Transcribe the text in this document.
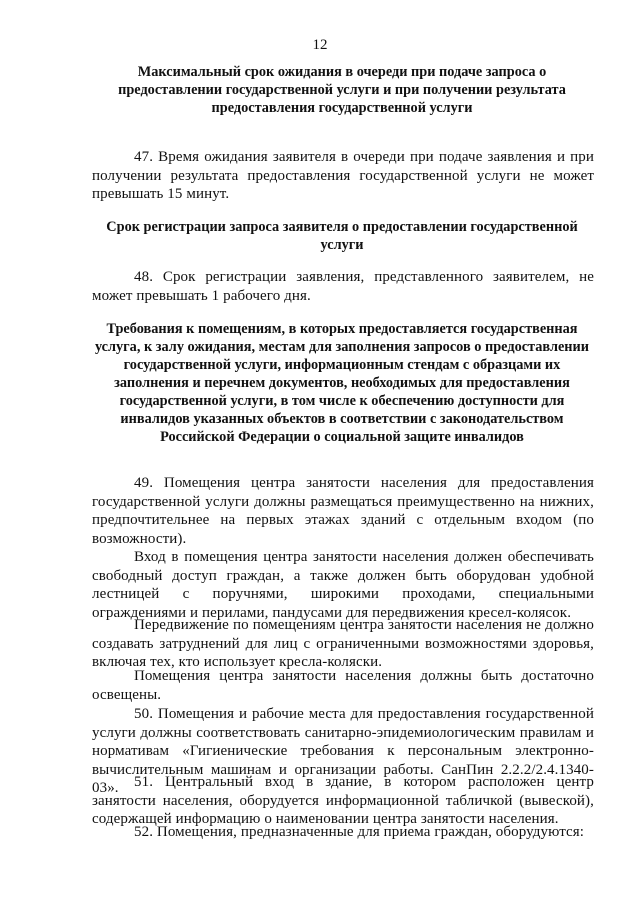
12
Максимальный срок ожидания в очереди при подаче запроса о предоставлении государственной услуги и при получении результата предоставления государственной услуги
47. Время ожидания заявителя в очереди при подаче заявления и при получении результата предоставления государственной услуги не может превышать 15 минут.
Срок регистрации запроса заявителя о предоставлении государственной услуги
48. Срок регистрации заявления, представленного заявителем, не может превышать 1 рабочего дня.
Требования к помещениям, в которых предоставляется государственная услуга, к залу ожидания, местам для заполнения запросов о предоставлении государственной услуги, информационным стендам с образцами их заполнения и перечнем документов, необходимых для предоставления государственной услуги, в том числе к обеспечению доступности для инвалидов указанных объектов в соответствии с законодательством Российской Федерации о социальной защите инвалидов
49. Помещения центра занятости населения для предоставления государственной услуги должны размещаться преимущественно на нижних, предпочтительнее на первых этажах зданий с отдельным входом (по возможности).
Вход в помещения центра занятости населения должен обеспечивать свободный доступ граждан, а также должен быть оборудован удобной лестницей с поручнями, широкими проходами, специальными ограждениями и перилами, пандусами для передвижения кресел-колясок.
Передвижение по помещениям центра занятости населения не должно создавать затруднений для лиц с ограниченными возможностями здоровья, включая тех, кто использует кресла-коляски.
Помещения центра занятости населения должны быть достаточно освещены.
50. Помещения и рабочие места для предоставления государственной услуги должны соответствовать санитарно-эпидемиологическим правилам и нормативам «Гигиенические требования к персональным электронно-вычислительным машинам и организации работы. СанПин 2.2.2/2.4.1340-03».	51. Центральный вход в здание, в котором расположен центр занятости населения, оборудуется информационной табличкой (вывеской), содержащей информацию о наименовании центра занятости населения.
52. Помещения, предназначенные для приема граждан, оборудуются:
